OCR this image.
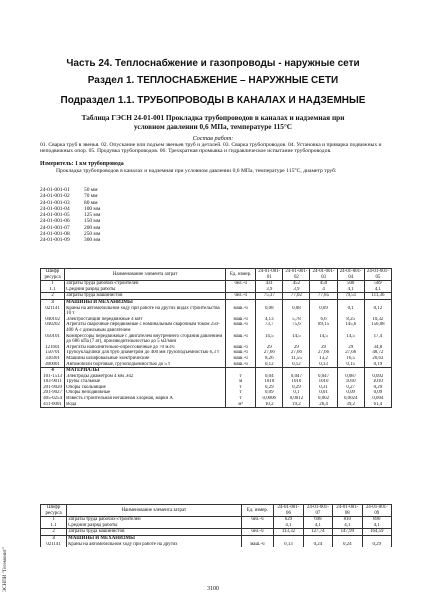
ЭСНПИ "Гегемонит"
Часть 24. Теплоснабжение и газопроводы - наружные сети
Раздел 1. ТЕПЛОСНАБЖЕНИЕ – НАРУЖНЫЕ СЕТИ
Подраздел 1.1. ТРУБОПРОВОДЫ В КАНАЛАХ И НАДЗЕМНЫЕ
Таблица ГЭСН 24-01-001 Прокладка трубопроводов в каналах и надземная при
условном давлении 0,6 МПа, температуре 115°С
Состав работ:
01. Сварка труб в звенья. 02. Опускание или подъем звеньев труб и деталей. 03. Сварка трубопроводов. 04. Установка и приварка подвижных и неподвижных опор. 05. Продувка трубопроводов. 06. Трехкратная промывка и гидравлическое испытание трубопроводов.
Измеритель: 1 км трубопровода
Прокладка трубопроводов в каналах и надземная при условном давлении 0,6 МПа, температуре 115°С, диаметр труб:
24-01-001-01	50 мм
24-01-001-02	70 мм
24-01-001-03	80 мм
24-01-001-04	100 мм
24-01-001-05	125 мм
24-01-001-06	150 мм
24-01-001-07	200 мм
24-01-001-08	250 мм
24-01-001-09	300 мм
Шифр ресурса	Наименование элемента затрат	Ед. измер.	24-01-001-01	24-01-001-02	24-01-001-03	24-01-001-04	24-01-001-05
1	Затраты труда рабочих-строителей	чел.-ч	431	452	459	500	569
1.1	Средний разряд работы		3,9	3,9	4	4,1	4,1
2	Затраты труда машинистов	чел.-ч	75,37	77,02	77,85	79,51	111,36
3	МАШИНЫ И МЕХАНИЗМЫ						
021141	Краны на автомобильном ходу при работе на других видах строительства 10 т	маш.-ч	0,08	0,08	0,09	0,1	0,12
040102	Электростанции передвижные 4 кВт	маш.-ч	4,13	5,78	6,6	8,25	10,32
040202	Агрегаты сварочные передвижные с номинальным сварочным током 250-400 А с дизельным двигателем	маш.-ч	73,7	75,6	89,15	145,6	150,08
050101	Компрессоры передвижные с двигателем внутреннего сгорания давлением до 686 кПа (7 ат), производительностью до 5 м3/мин	маш.-ч	14,5	14,5	14,5	14,5	17,4
121601	Агрегаты наполнительно-опрессовочные до 70 м3/ч	маш.-ч	29	29	29	29	34,8
150701	Трубоукладчики для труб диаметром до 400 мм грузоподъемностью 6,3 т	маш.-ч	27,66	27,66	27,66	27,66	48,72
330301	Машины шлифовальные электрические	маш.-ч	8,26	11,55	13,2	16,5	20,63
400001	Автомобили бортовые, грузоподъемностью до 5 т	маш.-ч	0,12	0,12	0,13	0,15	0,19
4	МАТЕРИАЛЫ						
101-1513	Электроды диаметром 4 мм Э42	т	0,04	0,047	0,047	0,087	0,092
103-9011	Трубы стальные	м	1010	1010	1010	1010	1010
201-9020	Опоры скользящие	т	0,29	0,29	0,31	0,27	0,29
201-9027	Опоры неподвижные	т	0,09	0,1	0,01	0,09	0,09
405-0254	Известь строительная негашеная хлорная, марки А	т	0,0006	0,0012	0,002	0,0024	0,004
411-0001	Вода	м³	10,2	19,2	26,4	39,2	61,4
Шифр ресурса	Наименование элемента затрат	Ед. измер.	24-01-001-06	24-01-001-07	24-01-001-08	24-01-001-09
1	Затраты труда рабочих-строителей	чел.-ч	629	698	810	890
1.1	Средний разряд работы		4,1	4,1	4,1	4,1
2	Затраты труда машинистов	чел.-ч	113,32	127,74	147,99	164,59
3	МАШИНЫ И МЕХАНИЗМЫ					
021141	Краны на автомобильном ходу при работе на других	маш.-ч	0,13	0,24	0,24	0,29
3100
